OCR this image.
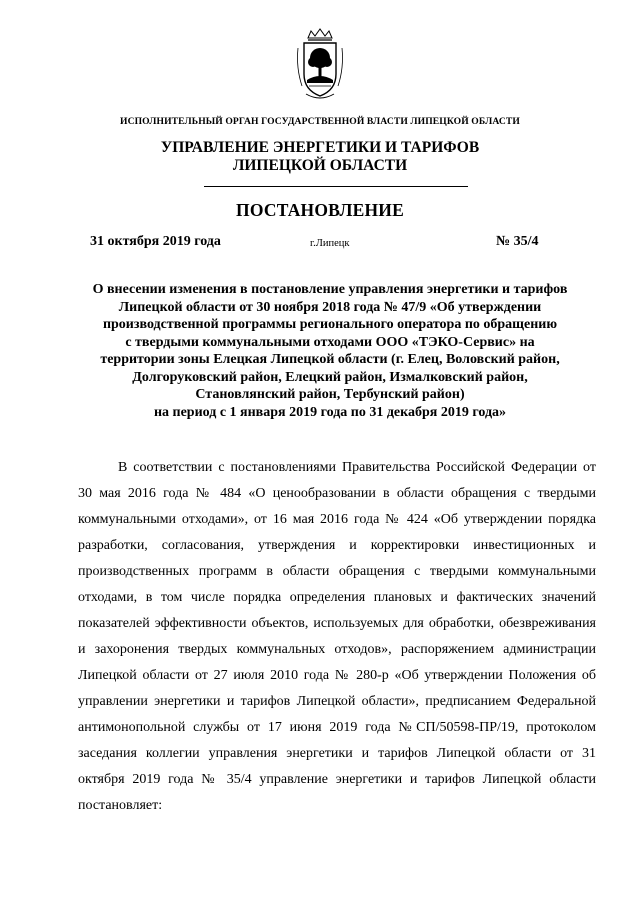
ИСПОЛНИТЕЛЬНЫЙ ОРГАН ГОСУДАРСТВЕННОЙ ВЛАСТИ ЛИПЕЦКОЙ ОБЛАСТИ
УПРАВЛЕНИЕ ЭНЕРГЕТИКИ И ТАРИФОВ
ЛИПЕЦКОЙ ОБЛАСТИ
ПОСТАНОВЛЕНИЕ
31 октября 2019 года	г.Липецк	№ 35/4
О внесении изменения в постановление управления энергетики и тарифов
Липецкой области от 30 ноября 2018 года № 47/9 «Об утверждении
производственной программы регионального оператора по обращению
с твердыми коммунальными отходами ООО «ТЭКО-Сервис» на
территории зоны Елецкая Липецкой области (г. Елец, Воловский район,
Долгоруковский район, Елецкий район, Измалковский район,
Становлянский район, Тербунский район)
на период с 1 января 2019 года по 31 декабря 2019 года»

В соответствии с постановлениями Правительства Российской Федерации от 30 мая 2016 года № 484 «О ценообразовании в области обращения с твердыми коммунальными отходами», от 16 мая 2016 года № 424 «Об утверждении порядка разработки, согласования, утверждения и корректировки инвестиционных и производственных программ в области обращения с твердыми коммунальными отходами, в том числе порядка определения плановых и фактических значений показателей эффективности объектов, используемых для обработки, обезвреживания и захоронения твердых коммунальных отходов», распоряжением администрации Липецкой области от 27 июля 2010 года № 280-р «Об утверждении Положения об управлении энергетики и тарифов Липецкой области», предписанием Федеральной антимонопольной службы от 17 июня 2019 года №СП/50598-ПР/19, протоколом заседания коллегии управления энергетики и тарифов Липецкой области от 31 октября 2019 года № 35/4 управление энергетики и тарифов Липецкой области постановляет:
